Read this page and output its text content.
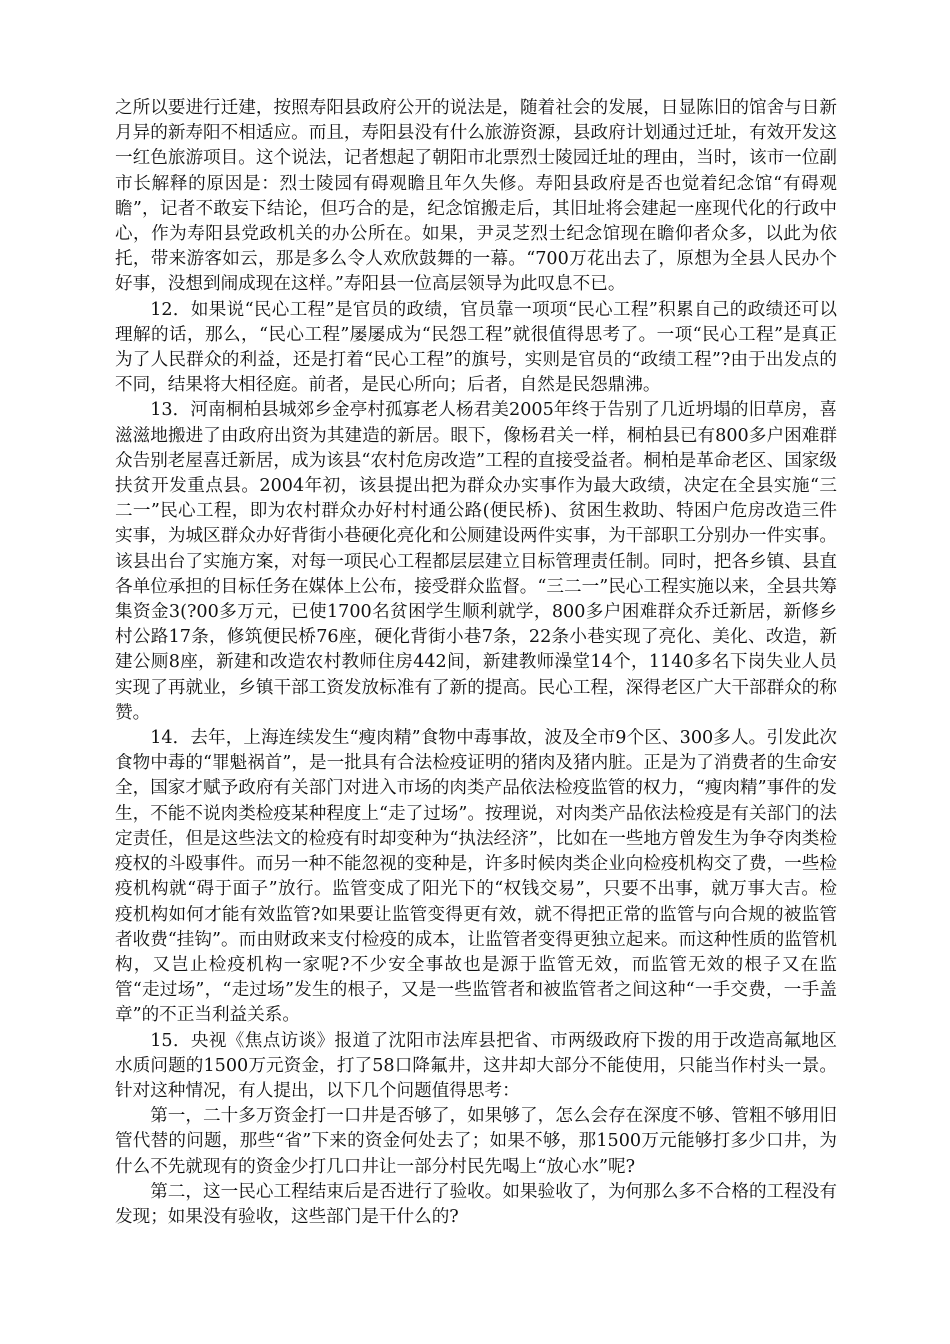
之所以要进行迁建，按照寿阳县政府公开的说法是，随着社会的发展，日显陈旧的馆舍与日新月异的新寿阳不相适应。而且，寿阳县没有什么旅游资源，县政府计划通过迁址，有效开发这一红色旅游项目。这个说法，记者想起了朝阳市北票烈士陵园迁址的理由，当时，该市一位副市长解释的原因是：烈士陵园有碍观瞻且年久失修。寿阳县政府是否也觉着纪念馆“有碍观瞻”，记者不敢妄下结论，但巧合的是，纪念馆搬走后，其旧址将会建起一座现代化的行政中心，作为寿阳县党政机关的办公所在。如果，尹灵芝烈士纪念馆现在瞻仰者众多，以此为依托，带来游客如云，那是多么令人欢欣鼓舞的一幕。“700万花出去了，原想为全县人民办个好事，没想到闹成现在这样。”寿阳县一位高层领导为此叹息不已。

12．如果说“民心工程”是官员的政绩，官员靠一项项“民心工程”积累自己的政绩还可以理解的话，那么，“民心工程”屡屡成为“民怨工程”就很值得思考了。一项“民心工程”是真正为了人民群众的利益，还是打着“民心工程”的旗号，实则是官员的“政绩工程”?由于出发点的不同，结果将大相径庭。前者，是民心所向；后者，自然是民怨鼎沸。

13．河南桐柏县城郊乡金亭村孤寡老人杨君美2005年终于告别了几近坍塌的旧草房，喜滋滋地搬进了由政府出资为其建造的新居。眼下，像杨君关一样，桐柏县已有800多户困难群众告别老屋喜迁新居，成为该县“农村危房改造”工程的直接受益者。桐柏是革命老区、国家级扶贫开发重点县。2004年初，该县提出把为群众办实事作为最大政绩，决定在全县实施“三二一”民心工程，即为农村群众办好村村通公路(便民桥)、贫困生救助、特困户危房改造三件实事，为城区群众办好背街小巷硬化亮化和公厕建设两件实事，为干部职工分别办一件实事。该县出台了实施方案，对每一项民心工程都层层建立目标管理责任制。同时，把各乡镇、县直各单位承担的目标任务在媒体上公布，接受群众监督。“三二一”民心工程实施以来，全县共筹集资金3(?00多万元，已使1700名贫困学生顺利就学，800多户困难群众乔迁新居，新修乡村公路17条，修筑便民桥76座，硬化背街小巷7条，22条小巷实现了亮化、美化、改造，新建公厕8座，新建和改造农村教师住房442间，新建教师澡堂14个，1140多名下岗失业人员实现了再就业，乡镇干部工资发放标准有了新的提高。民心工程，深得老区广大干部群众的称赞。

14．去年，上海连续发生“瘦肉精”食物中毒事故，波及全市9个区、300多人。引发此次食物中毒的“罪魁祸首”，是一批具有合法检疫证明的猪肉及猪内脏。正是为了消费者的生命安全，国家才赋予政府有关部门对进入市场的肉类产品依法检疫监管的权力，“瘦肉精”事件的发生，不能不说肉类检疫某种程度上“走了过场”。按理说，对肉类产品依法检疫是有关部门的法定责任，但是这些法文的检疫有时却变种为“执法经济”，比如在一些地方曾发生为争夺肉类检疫权的斗殴事件。而另一种不能忽视的变种是，许多时候肉类企业向检疫机构交了费，一些检疫机构就“碍于面子”放行。监管变成了阳光下的“权钱交易”，只要不出事，就万事大吉。检疫机构如何才能有效监管?如果要让监管变得更有效，就不得把正常的监管与向合规的被监管者收费“挂钩”。而由财政来支付检疫的成本，让监管者变得更独立起来。而这种性质的监管机构，又岂止检疫机构一家呢?不少安全事故也是源于监管无效，而监管无效的根子又在监管“走过场”，“走过场”发生的根子，又是一些监管者和被监管者之间这种“一手交费，一手盖章”的不正当利益关系。

15．央视《焦点访谈》报道了沈阳市法库县把省、市两级政府下拨的用于改造高氟地区水质问题的1500万元资金，打了58口降氟井，这井却大部分不能使用，只能当作村头一景。针对这种情况，有人提出，以下几个问题值得思考：

第一，二十多万资金打一口井是否够了，如果够了，怎么会存在深度不够、管粗不够用旧管代替的问题，那些“省”下来的资金何处去了；如果不够，那1500万元能够打多少口井，为什么不先就现有的资金少打几口井让一部分村民先喝上“放心水”呢?

第二，这一民心工程结束后是否进行了验收。如果验收了，为何那么多不合格的工程没有发现；如果没有验收，这些部门是干什么的?
